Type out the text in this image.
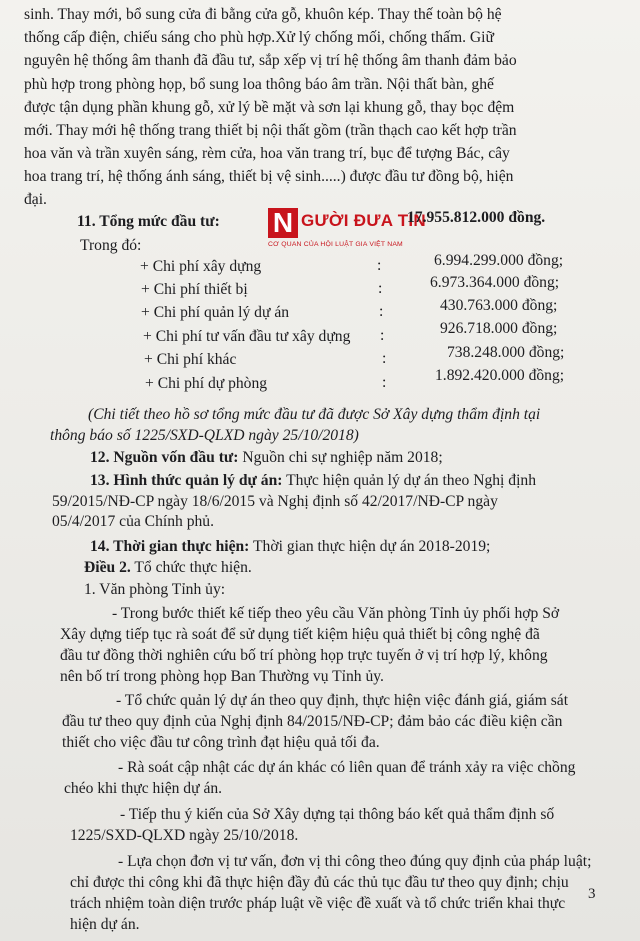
sinh. Thay mới, bổ sung cửa đi bằng cửa gỗ, khuôn kép. Thay thế toàn bộ hệ
thống cấp điện, chiếu sáng cho phù hợp.Xử lý chống mối, chống thấm. Giữ
nguyên hệ thống âm thanh đã đầu tư, sắp xếp vị trí hệ thống âm thanh đảm bảo
phù hợp trong phòng họp, bổ sung loa thông báo âm trần. Nội thất bàn, ghế
được tận dụng phần khung gỗ, xử lý bề mặt và sơn lại khung gỗ, thay bọc đệm
mới. Thay mới hệ thống trang thiết bị nội thất gồm (trần thạch cao kết hợp trần
hoa văn và trần xuyên sáng, rèm cửa, hoa văn trang trí, bục để tượng Bác, cây
hoa trang trí, hệ thống ánh sáng, thiết bị vệ sinh.....) được đầu tư đồng bộ, hiện
đại.
N GƯỜI ĐƯA TIN
CƠ QUAN CỦA HỘI LUẬT GIA VIỆT NAM
11. Tổng mức đầu tư:	17.955.812.000 đồng.
Trong đó:
+ Chi phí xây dựng	:	6.994.299.000 đồng;
+ Chi phí thiết bị	:	6.973.364.000 đồng;
+ Chi phí quản lý dự án	:	430.763.000 đồng;
+ Chi phí tư vấn đầu tư xây dựng :	926.718.000 đồng;
+ Chi phí khác	:	738.248.000 đồng;
+ Chi phí dự phòng	:	1.892.420.000 đồng;
(Chi tiết theo hồ sơ tổng mức đầu tư đã được Sở Xây dựng thẩm định tại
thông báo số 1225/SXD-QLXD ngày 25/10/2018)
12. Nguồn vốn đầu tư: Nguồn chi sự nghiệp năm 2018;
13. Hình thức quản lý dự án: Thực hiện quản lý dự án theo Nghị định
59/2015/NĐ-CP ngày 18/6/2015 và Nghị định số 42/2017/NĐ-CP ngày
05/4/2017 của Chính phủ.
14. Thời gian thực hiện: Thời gian thực hiện dự án 2018-2019;
Điều 2. Tổ chức thực hiện.
1. Văn phòng Tỉnh ủy:
- Trong bước thiết kế tiếp theo yêu cầu Văn phòng Tỉnh ủy phối hợp Sở
Xây dựng tiếp tục rà soát để sử dụng tiết kiệm hiệu quả thiết bị công nghệ đã
đầu tư đồng thời nghiên cứu bố trí phòng họp trực tuyến ở vị trí hợp lý, không
nên bố trí trong phòng họp Ban Thường vụ Tỉnh ủy.
- Tổ chức quản lý dự án theo quy định, thực hiện việc đánh giá, giám sát
đầu tư theo quy định của Nghị định 84/2015/NĐ-CP; đảm bảo các điều kiện cần
thiết cho việc đầu tư công trình đạt hiệu quả tối đa.
- Rà soát cập nhật các dự án khác có liên quan để tránh xảy ra việc chồng
chéo khi thực hiện dự án.
- Tiếp thu ý kiến của Sở Xây dựng tại thông báo kết quả thẩm định số
1225/SXD-QLXD ngày 25/10/2018.
- Lựa chọn đơn vị tư vấn, đơn vị thi công theo đúng quy định của pháp luật;
chỉ được thi công khi đã thực hiện đầy đủ các thủ tục đầu tư theo quy định; chịu
trách nhiệm toàn diện trước pháp luật về việc đề xuất và tổ chức triển khai thực
hiện dự án.
3
